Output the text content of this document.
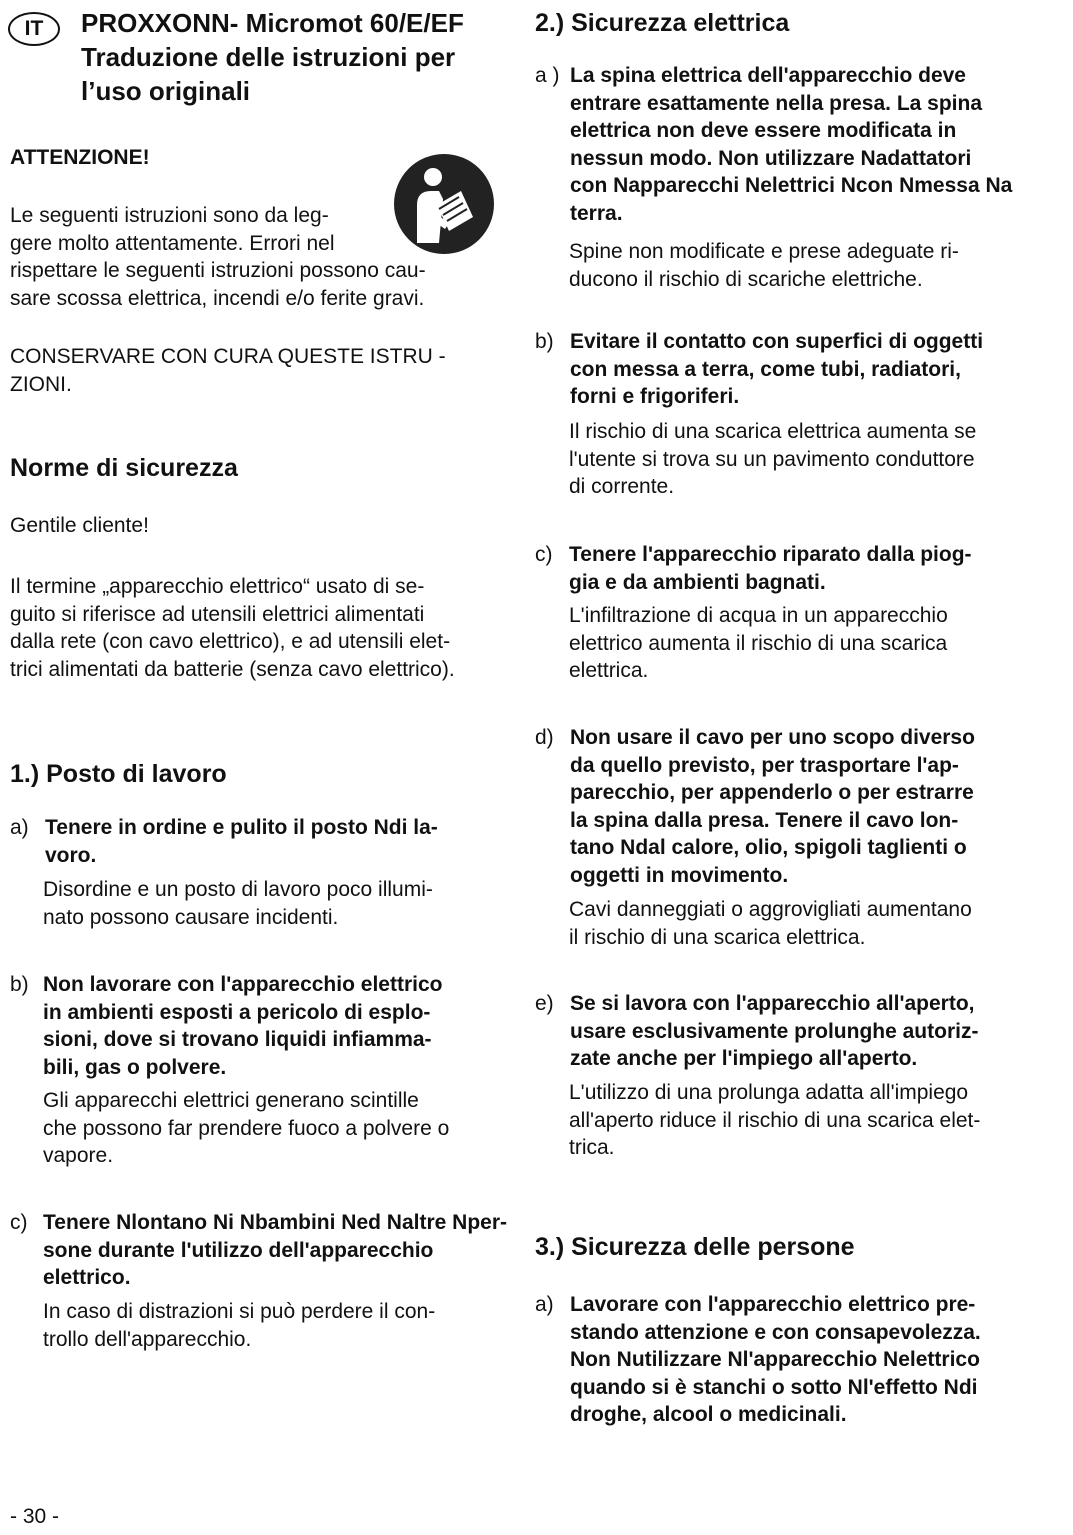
IT PROXXONN- Micromot 60/E/EF
Traduzione delle istruzioni per
l’uso originali
ATTENZIONE!
Le seguenti istruzioni sono da leg-
gere molto attentamente. Errori nel
rispettare le seguenti istruzioni possono cau-
sare scossa elettrica, incendi e/o ferite gravi.
CONSERVARE CON CURA QUESTE ISTRU -
ZIONI.
Norme di sicurezza
Gentile cliente!
Il termine „apparecchio elettrico“ usato di se-
guito si riferisce ad utensili elettrici alimentati
dalla rete (con cavo elettrico), e ad utensili elet-
trici alimentati da batterie (senza cavo elettrico).
1.) Posto di lavoro
a) Tenere in ordine e pulito il posto Ndi la-
voro.
Disordine e un posto di lavoro poco illumi-
nato possono causare incidenti.
b) Non lavorare con l'apparecchio elettrico
in ambienti esposti a pericolo di esplo-
sioni, dove si trovano liquidi infiamma-
bili, gas o polvere.
Gli apparecchi elettrici generano scintille
che possono far prendere fuoco a polvere o
vapore.
c) Tenere Nlontano Ni Nbambini Ned Naltre Nper-
sone durante l'utilizzo dell'apparecchio
elettrico.
In caso di distrazioni si può perdere il con-
trollo dell'apparecchio.
2.) Sicurezza elettrica
a ) La spina elettrica dell'apparecchio deve
entrare esattamente nella presa. La spina
elettrica non deve essere modificata in
nessun modo. Non utilizzare Nadattatori
con Napparecchi Nelettrici Ncon Nmessa Na
terra.
Spine non modificate e prese adeguate ri-
ducono il rischio di scariche elettriche.
b) Evitare il contatto con superfici di oggetti
con messa a terra, come tubi, radiatori,
forni e frigoriferi.
Il rischio di una scarica elettrica aumenta se
l'utente si trova su un pavimento conduttore
di corrente.
c) Tenere l'apparecchio riparato dalla piog-
gia e da ambienti bagnati.
L'infiltrazione di acqua in un apparecchio
elettrico aumenta il rischio di una scarica
elettrica.
d) Non usare il cavo per uno scopo diverso
da quello previsto, per trasportare l'ap-
parecchio, per appenderlo o per estrarre
la spina dalla presa. Tenere il cavo lon-
tano Ndal calore, olio, spigoli taglienti o
oggetti in movimento.
Cavi danneggiati o aggrovigliati aumentano
il rischio di una scarica elettrica.
e) Se si lavora con l'apparecchio all'aperto,
usare esclusivamente prolunghe autoriz-
zate anche per l'impiego all'aperto.
L'utilizzo di una prolunga adatta all'impiego
all'aperto riduce il rischio di una scarica elet-
trica.
3.) Sicurezza delle persone
a) Lavorare con l'apparecchio elettrico pre-
stando attenzione e con consapevolezza.
Non Nutilizzare Nl'apparecchio Nelettrico
quando si è stanchi o sotto Nl'effetto Ndi
droghe, alcool o medicinali.
- 30 -
